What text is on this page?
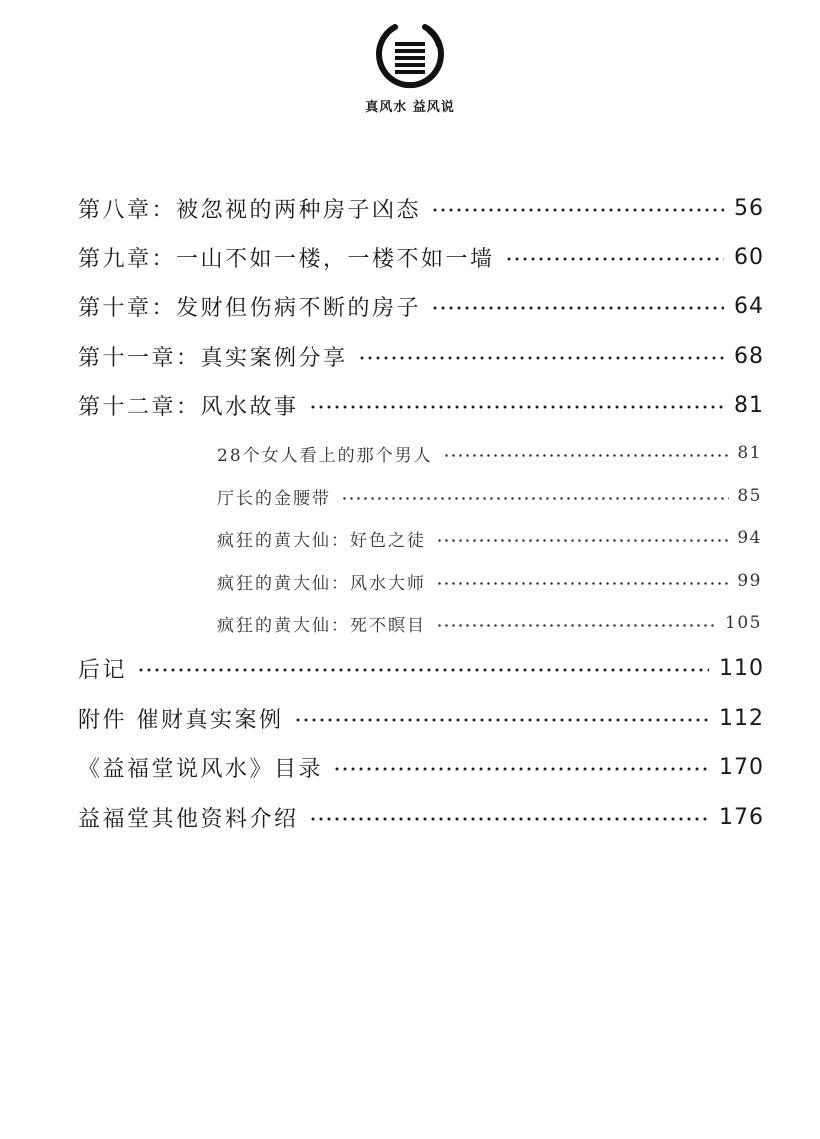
真风水 益风说
第八章：被忽视的两种房子凶态	56
第九章：一山不如一楼，一楼不如一墙	60
第十章：发财但伤病不断的房子	64
第十一章：真实案例分享	68
第十二章：风水故事	81
28个女人看上的那个男人	81
厅长的金腰带	85
疯狂的黄大仙：好色之徒	94
疯狂的黄大仙：风水大师	99
疯狂的黄大仙：死不瞑目	105
后记	110
附件 催财真实案例	112
《益福堂说风水》目录	170
益福堂其他资料介绍	176
